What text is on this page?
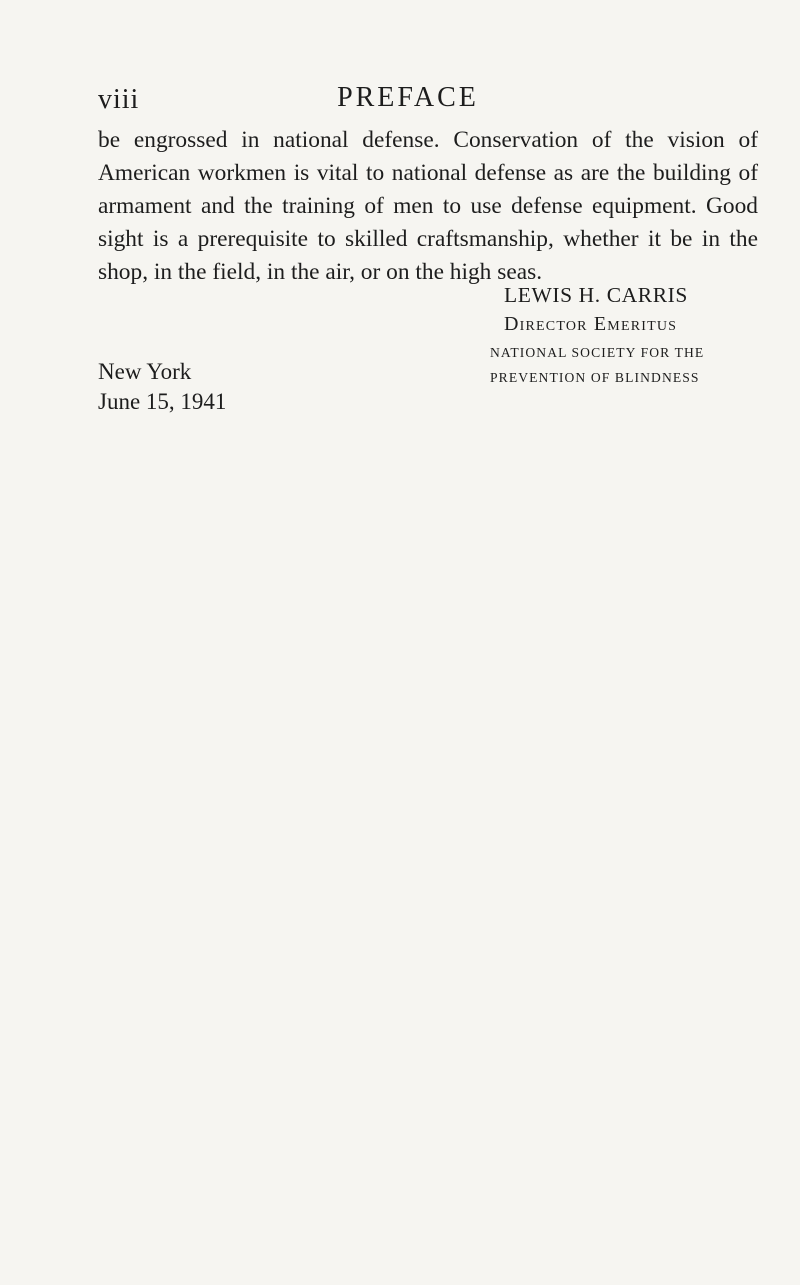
viii	PREFACE

be engrossed in national defense. Conservation of the vision of American workmen is vital to national defense as are the building of armament and the training of men to use defense equipment. Good sight is a prerequisite to skilled craftsmanship, whether it be in the shop, in the field, in the air, or on the high seas.

LEWIS H. CARRIS
Director Emeritus
NATIONAL SOCIETY FOR THE
PREVENTION OF BLINDNESS
New York
June 15, 1941
